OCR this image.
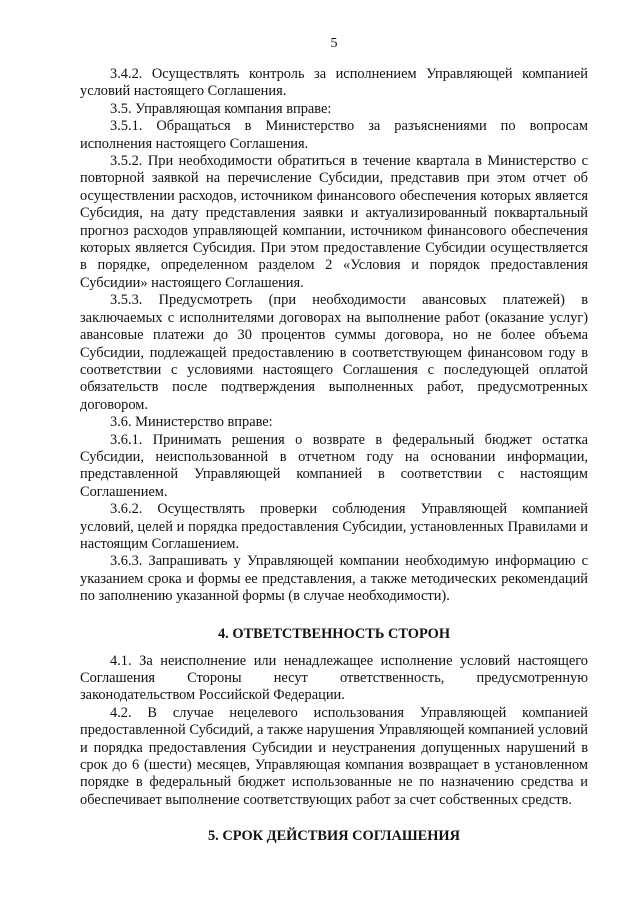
5

3.4.2. Осуществлять контроль за исполнением Управляющей компанией условий настоящего Соглашения.

3.5. Управляющая компания вправе:

3.5.1. Обращаться в Министерство за разъяснениями по вопросам исполнения настоящего Соглашения.

3.5.2. При необходимости обратиться в течение квартала в Министерство с повторной заявкой на перечисление Субсидии, представив при этом отчет об осуществлении расходов, источником финансового обеспечения которых является Субсидия, на дату представления заявки и актуализированный поквартальный прогноз расходов управляющей компании, источником финансового обеспечения которых является Субсидия. При этом предоставление Субсидии осуществляется в порядке, определенном разделом 2 «Условия и порядок предоставления Субсидии» настоящего Соглашения.

3.5.3. Предусмотреть (при необходимости авансовых платежей) в заключаемых с исполнителями договорах на выполнение работ (оказание услуг) авансовые платежи до 30 процентов суммы договора, но не более объема Субсидии, подлежащей предоставлению в соответствующем финансовом году в соответствии с условиями настоящего Соглашения с последующей оплатой обязательств после подтверждения выполненных работ, предусмотренных договором.

3.6. Министерство вправе:

3.6.1. Принимать решения о возврате в федеральный бюджет остатка Субсидии, неиспользованной в отчетном году на основании информации, представленной Управляющей компанией в соответствии с настоящим Соглашением.

3.6.2. Осуществлять проверки соблюдения Управляющей компанией условий, целей и порядка предоставления Субсидии, установленных Правилами и настоящим Соглашением.

3.6.3. Запрашивать у Управляющей компании необходимую информацию с указанием срока и формы ее представления, а также методических рекомендаций по заполнению указанной формы (в случае необходимости).

4. ОТВЕТСТВЕННОСТЬ СТОРОН

4.1. За неисполнение или ненадлежащее исполнение условий настоящего Соглашения Стороны несут ответственность, предусмотренную законодательством Российской Федерации.

4.2. В случае нецелевого использования Управляющей компанией предоставленной Субсидий, а также нарушения Управляющей компанией условий и порядка предоставления Субсидии и неустранения допущенных нарушений в срок до 6 (шести) месяцев, Управляющая компания возвращает в установленном порядке в федеральный бюджет использованные не по назначению средства и обеспечивает выполнение соответствующих работ за счет собственных средств.

5. СРОК ДЕЙСТВИЯ СОГЛАШЕНИЯ
